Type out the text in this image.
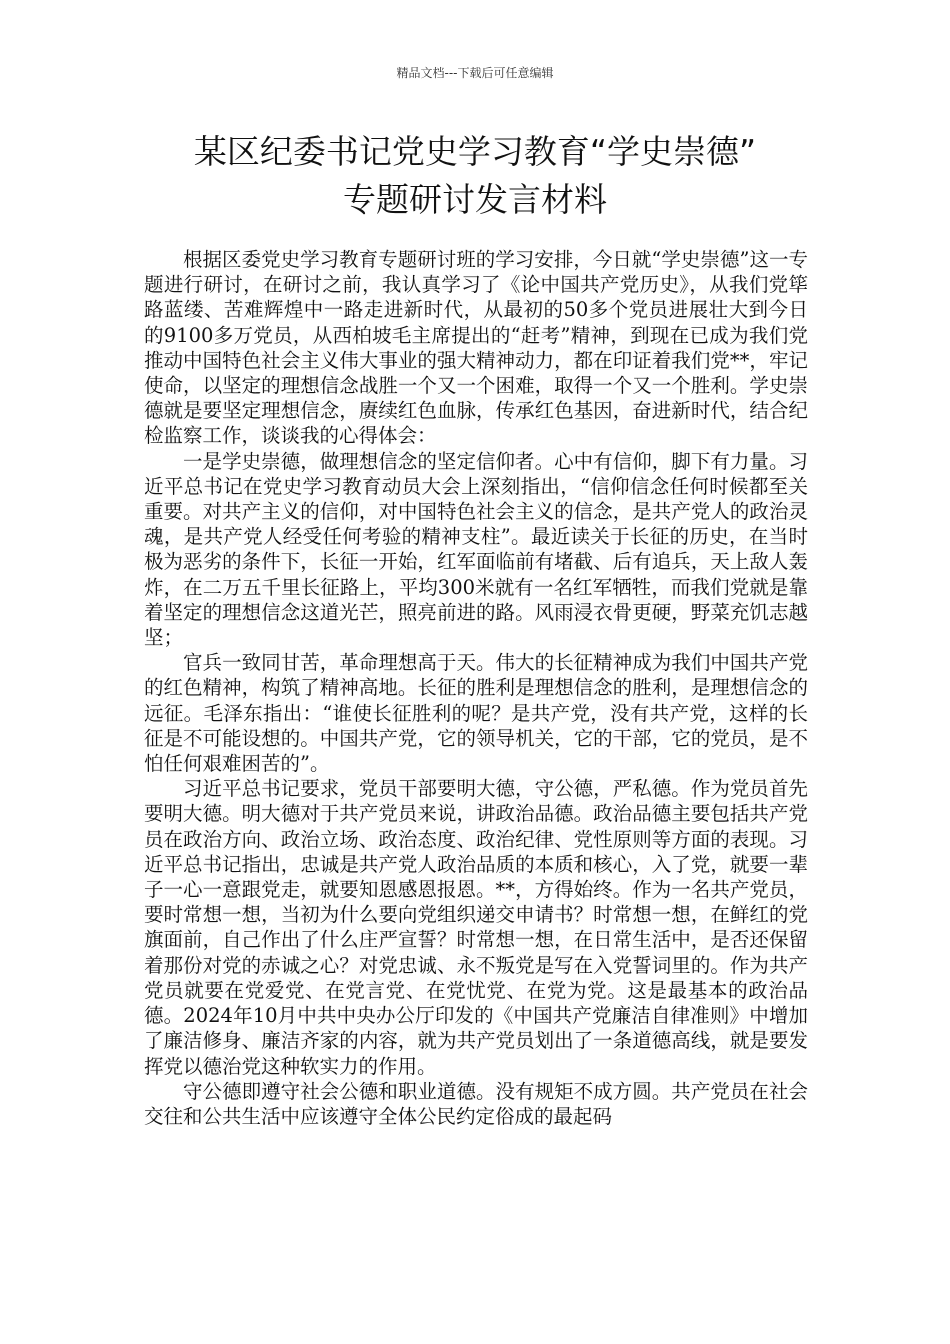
精品文档---下载后可任意编辑
某区纪委书记党史学习教育“学史崇德”
专题研讨发言材料

根据区委党史学习教育专题研讨班的学习安排，今日就“学史崇德”这一专题进行研讨，在研讨之前，我认真学习了《论中国共产党历史》，从我们党筚路蓝缕、苦难辉煌中一路走进新时代，从最初的50多个党员进展壮大到今日的9100多万党员，从西柏坡毛主席提出的“赶考”精神，到现在已成为我们党推动中国特色社会主义伟大事业的强大精神动力，都在印证着我们党**，牢记使命，以坚定的理想信念战胜一个又一个困难，取得一个又一个胜利。学史崇德就是要坚定理想信念，赓续红色血脉，传承红色基因，奋进新时代，结合纪检监察工作，谈谈我的心得体会：

一是学史崇德，做理想信念的坚定信仰者。心中有信仰，脚下有力量。习近平总书记在党史学习教育动员大会上深刻指出，“信仰信念任何时候都至关重要。对共产主义的信仰，对中国特色社会主义的信念，是共产党人的政治灵魂，是共产党人经受任何考验的精神支柱”。最近读关于长征的历史，在当时极为恶劣的条件下，长征一开始，红军面临前有堵截、后有追兵，天上敌人轰炸，在二万五千里长征路上，平均300米就有一名红军牺牲，而我们党就是靠着坚定的理想信念这道光芒，照亮前进的路。风雨浸衣骨更硬，野菜充饥志越坚；

官兵一致同甘苦，革命理想高于天。伟大的长征精神成为我们中国共产党的红色精神，构筑了精神高地。长征的胜利是理想信念的胜利，是理想信念的远征。毛泽东指出：“谁使长征胜利的呢？是共产党，没有共产党，这样的长征是不可能设想的。中国共产党，它的领导机关，它的干部，它的党员，是不怕任何艰难困苦的”。

习近平总书记要求，党员干部要明大德，守公德，严私德。作为党员首先要明大德。明大德对于共产党员来说，讲政治品德。政治品德主要包括共产党员在政治方向、政治立场、政治态度、政治纪律、党性原则等方面的表现。习近平总书记指出，忠诚是共产党人政治品质的本质和核心，入了党，就要一辈子一心一意跟党走，就要知恩感恩报恩。**，方得始终。作为一名共产党员，要时常想一想，当初为什么要向党组织递交申请书？时常想一想，在鲜红的党旗面前，自己作出了什么庄严宣誓？时常想一想，在日常生活中，是否还保留着那份对党的赤诚之心？对党忠诚、永不叛党是写在入党誓词里的。作为共产党员就要在党爱党、在党言党、在党忧党、在党为党。这是最基本的政治品德。2024年10月中共中央办公厅印发的《中国共产党廉洁自律准则》中增加了廉洁修身、廉洁齐家的内容，就为共产党员划出了一条道德高线，就是要发挥党以德治党这种软实力的作用。

守公德即遵守社会公德和职业道德。没有规矩不成方圆。共产党员在社会交往和公共生活中应该遵守全体公民约定俗成的最起码
